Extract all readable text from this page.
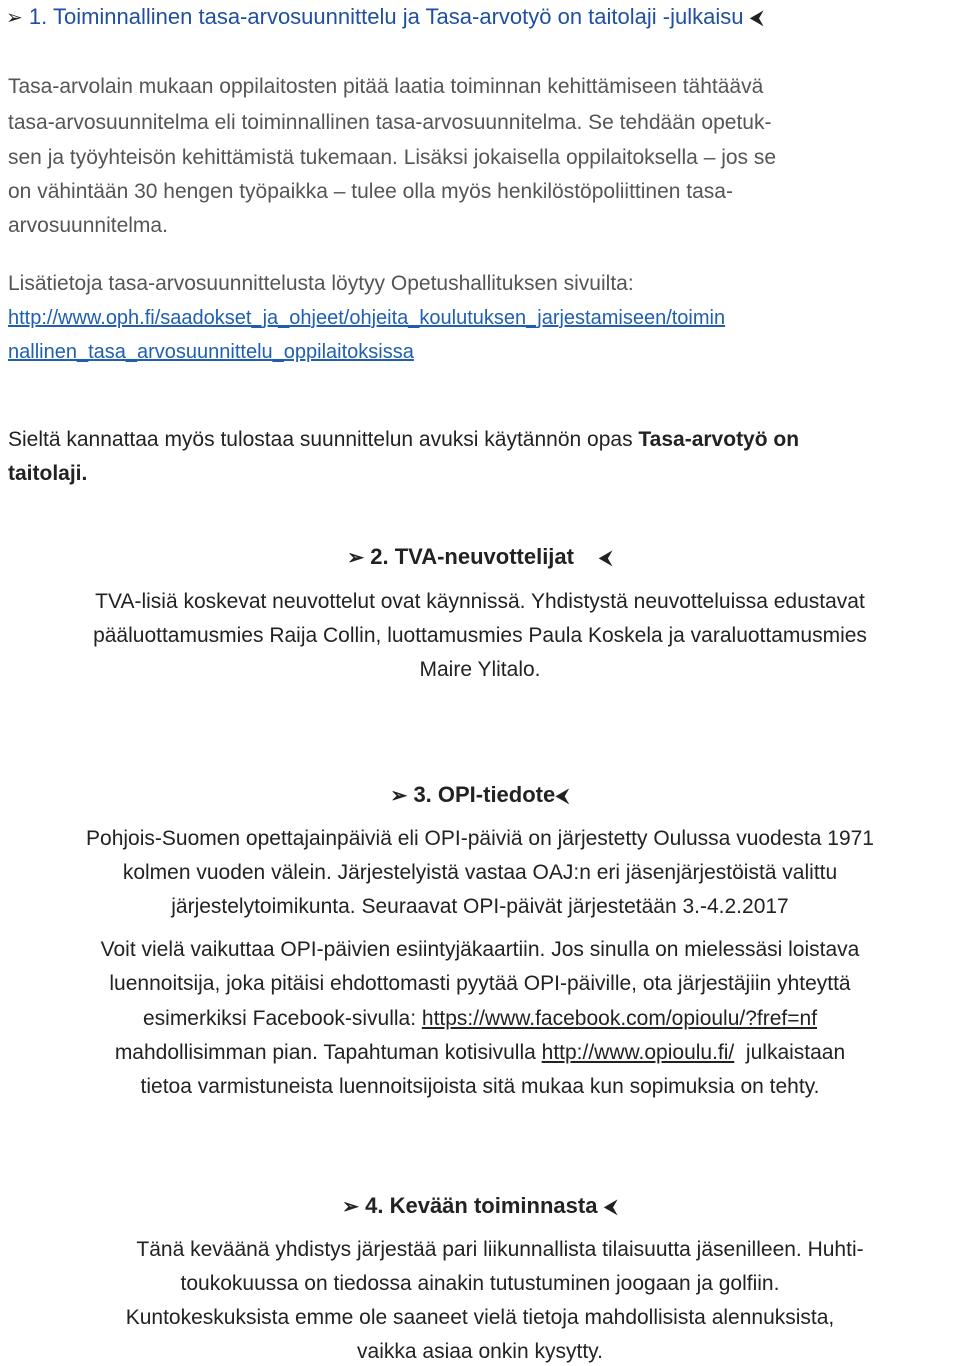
➢ 1. Toiminnallinen tasa-arvosuunnittelu ja Tasa-arvotyö on taitolaji -julkaisu ⮜
Tasa-arvolain mukaan oppilaitosten pitää laatia toiminnan kehittämiseen tähtäävä
tasa-arvosuunnitelma eli toiminnallinen tasa-arvosuunnitelma. Se tehdään opetuk-
sen ja työyhteisön kehittämistä tukemaan. Lisäksi jokaisella oppilaitoksella – jos se
on vähintään 30 hengen työpaikka – tulee olla myös henkilöstöpoliittinen tasa-
arvosuunnitelma.
Lisätietoja tasa-arvosuunnittelusta löytyy Opetushallituksen sivuilta:
http://www.oph.fi/saadokset_ja_ohjeet/ohjeita_koulutuksen_jarjestamiseen/toimin
nallinen_tasa_arvosuunnittelu_oppilaitoksissa
Sieltä kannattaa myös tulostaa suunnittelun avuksi käytännön opas Tasa-arvotyö on
taitolaji.
➢ 2. TVA-neuvottelijat ⮜
TVA-lisiä koskevat neuvottelut ovat käynnissä. Yhdistystä neuvotteluissa edustavat
pääluottamusmies Raija Collin, luottamusmies Paula Koskela ja varaluottamusmies
Maire Ylitalo.
➢ 3. OPI-tiedote⮜
Pohjois-Suomen opettajainpäiviä eli OPI-päiviä on järjestetty Oulussa vuodesta 1971
kolmen vuoden välein. Järjestelyistä vastaa OAJ:n eri jäsenjärjestöistä valittu
järjestelytoimikunta. Seuraavat OPI-päivät järjestetään 3.-4.2.2017
Voit vielä vaikuttaa OPI-päivien esiintyjäkaartiin. Jos sinulla on mielessäsi loistava
luennoitsija, joka pitäisi ehdottomasti pyytää OPI-päiville, ota järjestäjiin yhteyttä
esimerkiksi Facebook-sivulla: https://www.facebook.com/opioulu/?fref=nf
mahdollisimman pian. Tapahtuman kotisivulla http://www.opioulu.fi/  julkaistaan
tietoa varmistuneista luennoitsijoista sitä mukaa kun sopimuksia on tehty.
➢ 4. Kevään toiminnasta ⮜
Tänä keväänä yhdistys järjestää pari liikunnallista tilaisuutta jäsenilleen. Huhti-
toukokuussa on tiedossa ainakin tutustuminen joogaan ja golfiin.
Kuntokeskuksista emme ole saaneet vielä tietoja mahdollisista alennuksista,
vaikka asiaa onkin kysytty.
